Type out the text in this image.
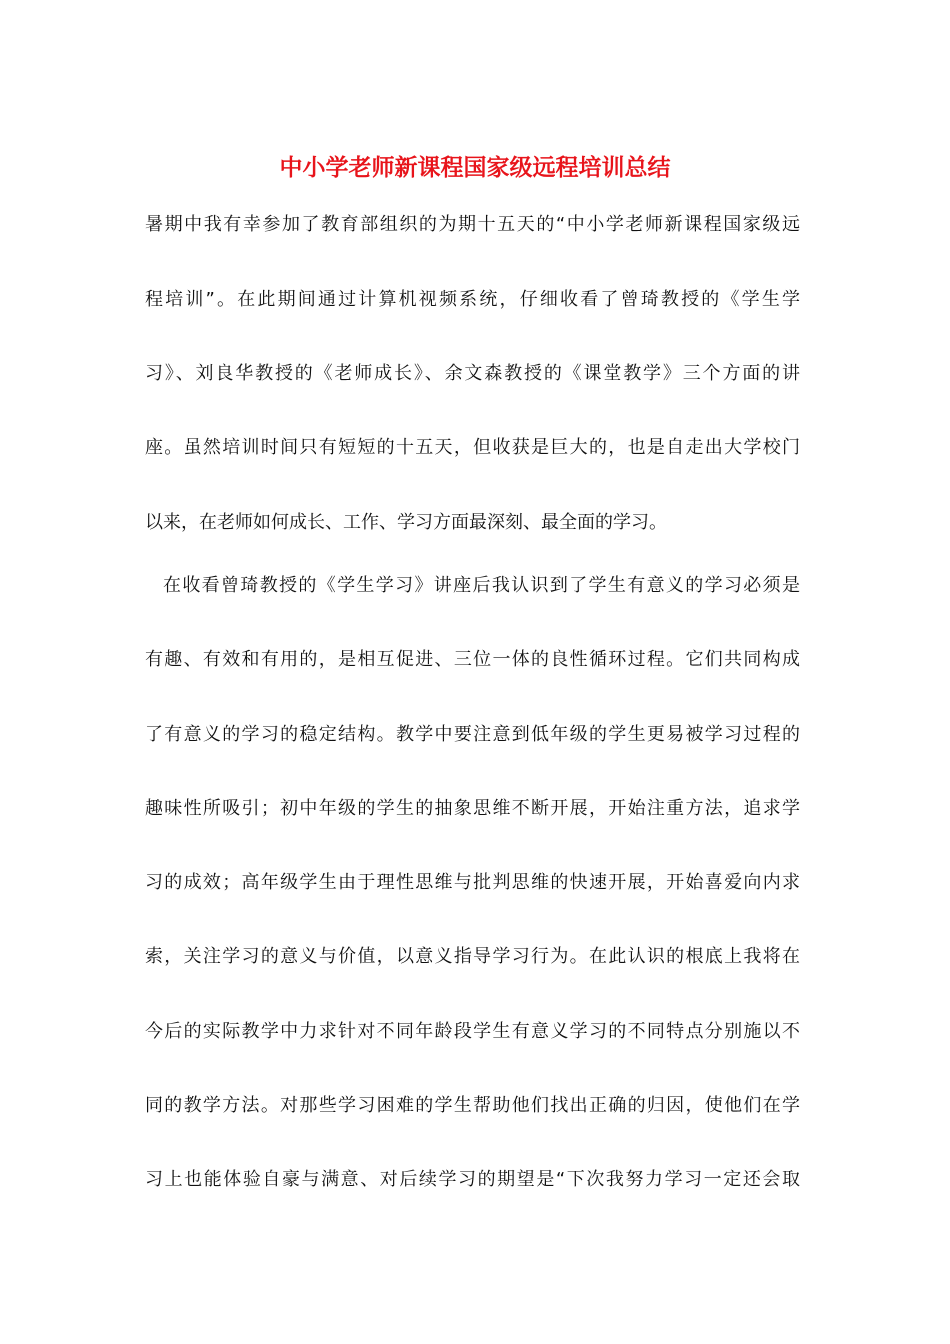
中小学老师新课程国家级远程培训总结
暑期中我有幸参加了教育部组织的为期十五天的“中小学老师新课程国家级远
程培训”。在此期间通过计算机视频系统，仔细收看了曾琦教授的《学生学
习》、刘良华教授的《老师成长》、余文森教授的《课堂教学》三个方面的讲
座。虽然培训时间只有短短的十五天，但收获是巨大的，也是自走出大学校门
以来，在老师如何成长、工作、学习方面最深刻、最全面的学习。
在收看曾琦教授的《学生学习》讲座后我认识到了学生有意义的学习必须是
有趣、有效和有用的，是相互促进、三位一体的良性循环过程。它们共同构成
了有意义的学习的稳定结构。教学中要注意到低年级的学生更易被学习过程的
趣味性所吸引；初中年级的学生的抽象思维不断开展，开始注重方法，追求学
习的成效；高年级学生由于理性思维与批判思维的快速开展，开始喜爱向内求
索，关注学习的意义与价值，以意义指导学习行为。在此认识的根底上我将在
今后的实际教学中力求针对不同年龄段学生有意义学习的不同特点分别施以不
同的教学方法。对那些学习困难的学生帮助他们找出正确的归因，使他们在学
习上也能体验自豪与满意、对后续学习的期望是“下次我努力学习一定还会取
